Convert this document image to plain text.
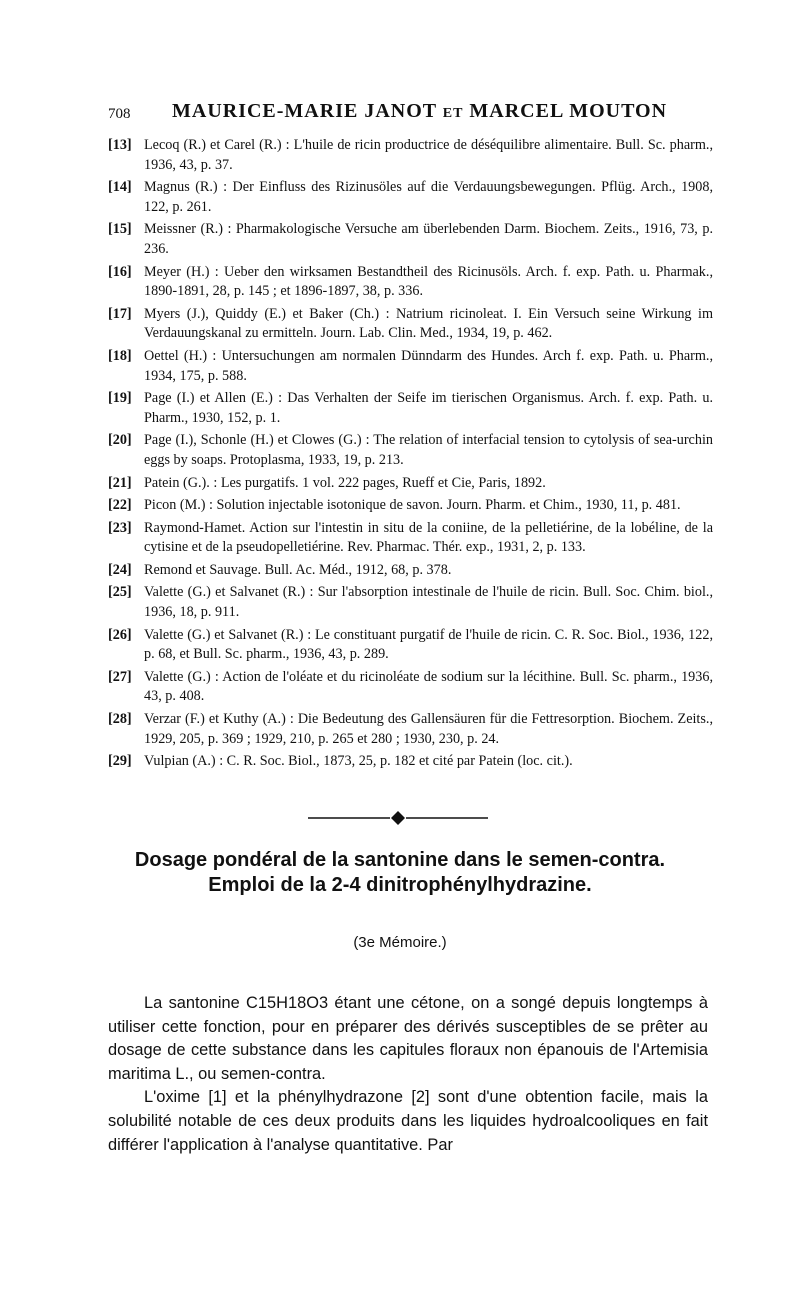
708 MAURICE-MARIE JANOT et MARCEL MOUTON
[13] Lecoq (R.) et Carel (R.) : L'huile de ricin productrice de déséquilibre alimentaire. Bull. Sc. pharm., 1936, 43, p. 37.
[14] Magnus (R.) : Der Einfluss des Rizinusöles auf die Verdauungsbewegungen. Pflüg. Arch., 1908, 122, p. 261.
[15] Meissner (R.) : Pharmakologische Versuche am überlebenden Darm. Biochem. Zeits., 1916, 73, p. 236.
[16] Meyer (H.) : Ueber den wirksamen Bestandtheil des Ricinusöls. Arch. f. exp. Path. u. Pharmak., 1890-1891, 28, p. 145 ; et 1896-1897, 38, p. 336.
[17] Myers (J.), Quiddy (E.) et Baker (Ch.) : Natrium ricinoleat. I. Ein Versuch seine Wirkung im Verdauungskanal zu ermitteln. Journ. Lab. Clin. Med., 1934, 19, p. 462.
[18] Oettel (H.) : Untersuchungen am normalen Dünndarm des Hundes. Arch f. exp. Path. u. Pharm., 1934, 175, p. 588.
[19] Page (I.) et Allen (E.) : Das Verhalten der Seife im tierischen Organismus. Arch. f. exp. Path. u. Pharm., 1930, 152, p. 1.
[20] Page (I.), Schonle (H.) et Clowes (G.) : The relation of interfacial tension to cytolysis of sea-urchin eggs by soaps. Protoplasma, 1933, 19, p. 213.
[21] Patein (G.). : Les purgatifs. 1 vol. 222 pages, Rueff et Cie, Paris, 1892.
[22] Picon (M.) : Solution injectable isotonique de savon. Journ. Pharm. et Chim., 1930, 11, p. 481.
[23] Raymond-Hamet. Action sur l'intestin in situ de la coniine, de la pelletiérine, de la lobéline, de la cytisine et de la pseudopelletiérine. Rev. Pharmac. Thér. exp., 1931, 2, p. 133.
[24] Remond et Sauvage. Bull. Ac. Méd., 1912, 68, p. 378.
[25] Valette (G.) et Salvanet (R.) : Sur l'absorption intestinale de l'huile de ricin. Bull. Soc. Chim. biol., 1936, 18, p. 911.
[26] Valette (G.) et Salvanet (R.) : Le constituant purgatif de l'huile de ricin. C. R. Soc. Biol., 1936, 122, p. 68, et Bull. Sc. pharm., 1936, 43, p. 289.
[27] Valette (G.) : Action de l'oléate et du ricinoléate de sodium sur la lécithine. Bull. Sc. pharm., 1936, 43, p. 408.
[28] Verzar (F.) et Kuthy (A.) : Die Bedeutung des Gallensäuren für die Fettresorption. Biochem. Zeits., 1929, 205, p. 369 ; 1929, 210, p. 265 et 280 ; 1930, 230, p. 24.
[29] Vulpian (A.) : C. R. Soc. Biol., 1873, 25, p. 182 et cité par Patein (loc. cit.).
Dosage pondéral de la santonine dans le semen-contra.
Emploi de la 2-4 dinitrophénylhydrazine.
(3e Mémoire.)

La santonine C15H18O3 étant une cétone, on a songé depuis longtemps à utiliser cette fonction, pour en préparer des dérivés susceptibles de se prêter au dosage de cette substance dans les capitules floraux non épanouis de l'Artemisia maritima L., ou semen-contra.

L'oxime [1] et la phénylhydrazone [2] sont d'une obtention facile, mais la solubilité notable de ces deux produits dans les liquides hydroalcooliques en fait différer l'application à l'analyse quantitative. Par
